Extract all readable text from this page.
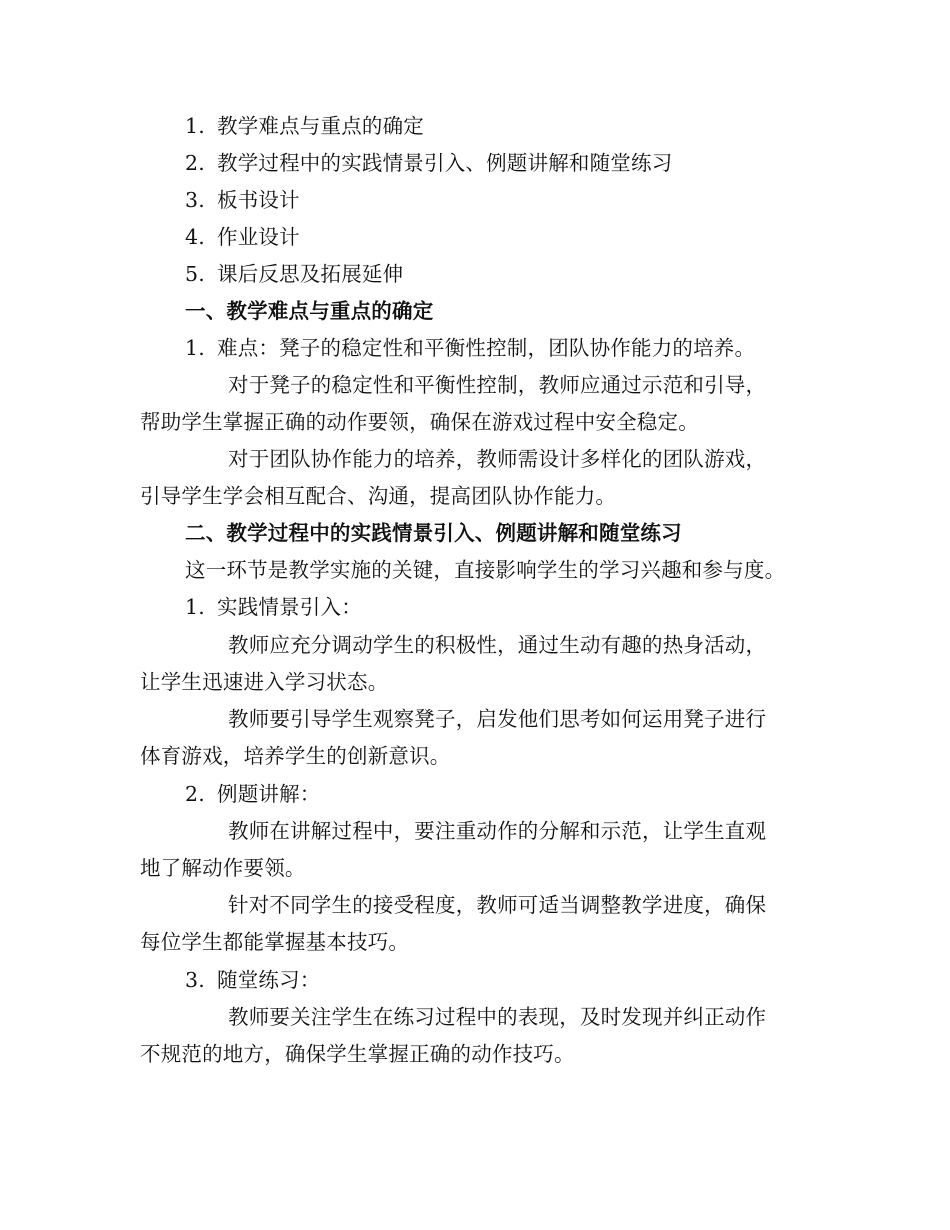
1. 教学难点与重点的确定
2. 教学过程中的实践情景引入、例题讲解和随堂练习
3. 板书设计
4. 作业设计
5. 课后反思及拓展延伸
一、教学难点与重点的确定
1. 难点：凳子的稳定性和平衡性控制，团队协作能力的培养。
对于凳子的稳定性和平衡性控制，教师应通过示范和引导，
帮助学生掌握正确的动作要领，确保在游戏过程中安全稳定。
对于团队协作能力的培养，教师需设计多样化的团队游戏，
引导学生学会相互配合、沟通，提高团队协作能力。
二、教学过程中的实践情景引入、例题讲解和随堂练习
这一环节是教学实施的关键，直接影响学生的学习兴趣和参与度。
1. 实践情景引入：
教师应充分调动学生的积极性，通过生动有趣的热身活动，
让学生迅速进入学习状态。
教师要引导学生观察凳子，启发他们思考如何运用凳子进行
体育游戏，培养学生的创新意识。
2. 例题讲解：
教师在讲解过程中，要注重动作的分解和示范，让学生直观
地了解动作要领。
针对不同学生的接受程度，教师可适当调整教学进度，确保
每位学生都能掌握基本技巧。
3. 随堂练习：
教师要关注学生在练习过程中的表现，及时发现并纠正动作
不规范的地方，确保学生掌握正确的动作技巧。
